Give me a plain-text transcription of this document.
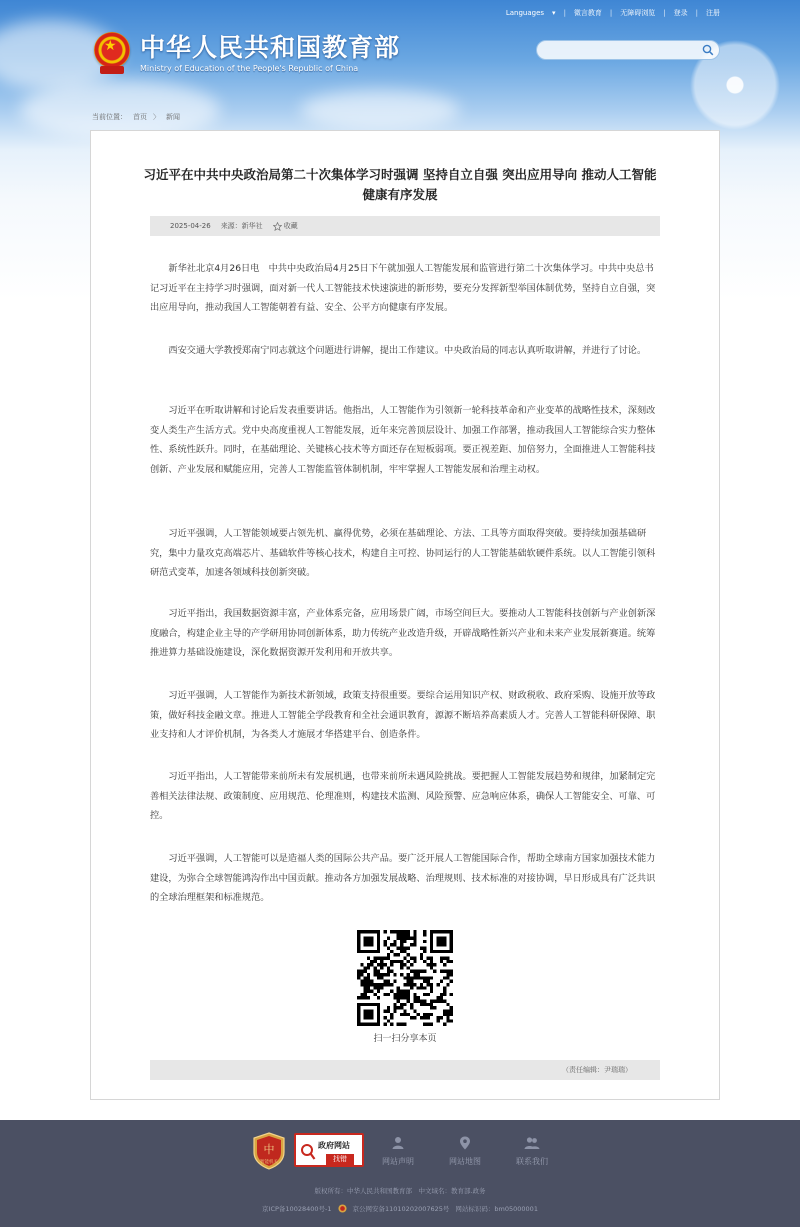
Languages ▾ | 微言教育 | 无障碍浏览 | 登录 | 注册
★ 中华人民共和国教育部
Ministry of Education of the People's Republic of China
当前位置： 首页 〉 新闻
习近平在中共中央政治局第二十次集体学习时强调 坚持自立自强 突出应用导向 推动人工智能健康有序发展
2025-04-26 来源：新华社	收藏
新华社北京4月26日电　中共中央政治局4月25日下午就加强人工智能发展和监管进行第二十次集体学习。中共中央总书记习近平在主持学习时强调，面对新一代人工智能技术快速演进的新形势，要充分发挥新型举国体制优势，坚持自立自强，突出应用导向，推动我国人工智能朝着有益、安全、公平方向健康有序发展。
西安交通大学教授郑南宁同志就这个问题进行讲解，提出工作建议。中央政治局的同志认真听取讲解，并进行了讨论。
习近平在听取讲解和讨论后发表重要讲话。他指出，人工智能作为引领新一轮科技革命和产业变革的战略性技术，深刻改变人类生产生活方式。党中央高度重视人工智能发展，近年来完善顶层设计、加强工作部署，推动我国人工智能综合实力整体性、系统性跃升。同时，在基础理论、关键核心技术等方面还存在短板弱项。要正视差距、加倍努力，全面推进人工智能科技创新、产业发展和赋能应用，完善人工智能监管体制机制，牢牢掌握人工智能发展和治理主动权。
习近平强调，人工智能领域要占领先机、赢得优势，必须在基础理论、方法、工具等方面取得突破。要持续加强基础研究，集中力量攻克高端芯片、基础软件等核心技术，构建自主可控、协同运行的人工智能基础软硬件系统。以人工智能引领科研范式变革，加速各领域科技创新突破。
习近平指出，我国数据资源丰富，产业体系完备，应用场景广阔，市场空间巨大。要推动人工智能科技创新与产业创新深度融合，构建企业主导的产学研用协同创新体系，助力传统产业改造升级，开辟战略性新兴产业和未来产业发展新赛道。统筹推进算力基础设施建设，深化数据资源开发利用和开放共享。
习近平强调，人工智能作为新技术新领域，政策支持很重要。要综合运用知识产权、财政税收、政府采购、设施开放等政策，做好科技金融文章。推进人工智能全学段教育和全社会通识教育，源源不断培养高素质人才。完善人工智能科研保障、职业支持和人才评价机制，为各类人才施展才华搭建平台、创造条件。
习近平指出，人工智能带来前所未有发展机遇，也带来前所未遇风险挑战。要把握人工智能发展趋势和规律，加紧制定完善相关法律法规、政策制度、应用规范、伦理准则，构建技术监测、风险预警、应急响应体系，确保人工智能安全、可靠、可控。
习近平强调，人工智能可以是造福人类的国际公共产品。要广泛开展人工智能国际合作，帮助全球南方国家加强技术能力建设，为弥合全球智能鸿沟作出中国贡献。推动各方加强发展战略、治理规则、技术标准的对接协调，早日形成具有广泛共识的全球治理框架和标准规范。
扫一扫分享本页
（责任编辑：尹瑞瑞）
中
智能机关
政府网站
找错	网站声明	网站地图	联系我们
版权所有：中华人民共和国教育部　中文域名：教育部.政务
京ICP备10028400号-1	京公网安备11010202007625号 网站标识码：bm05000001
